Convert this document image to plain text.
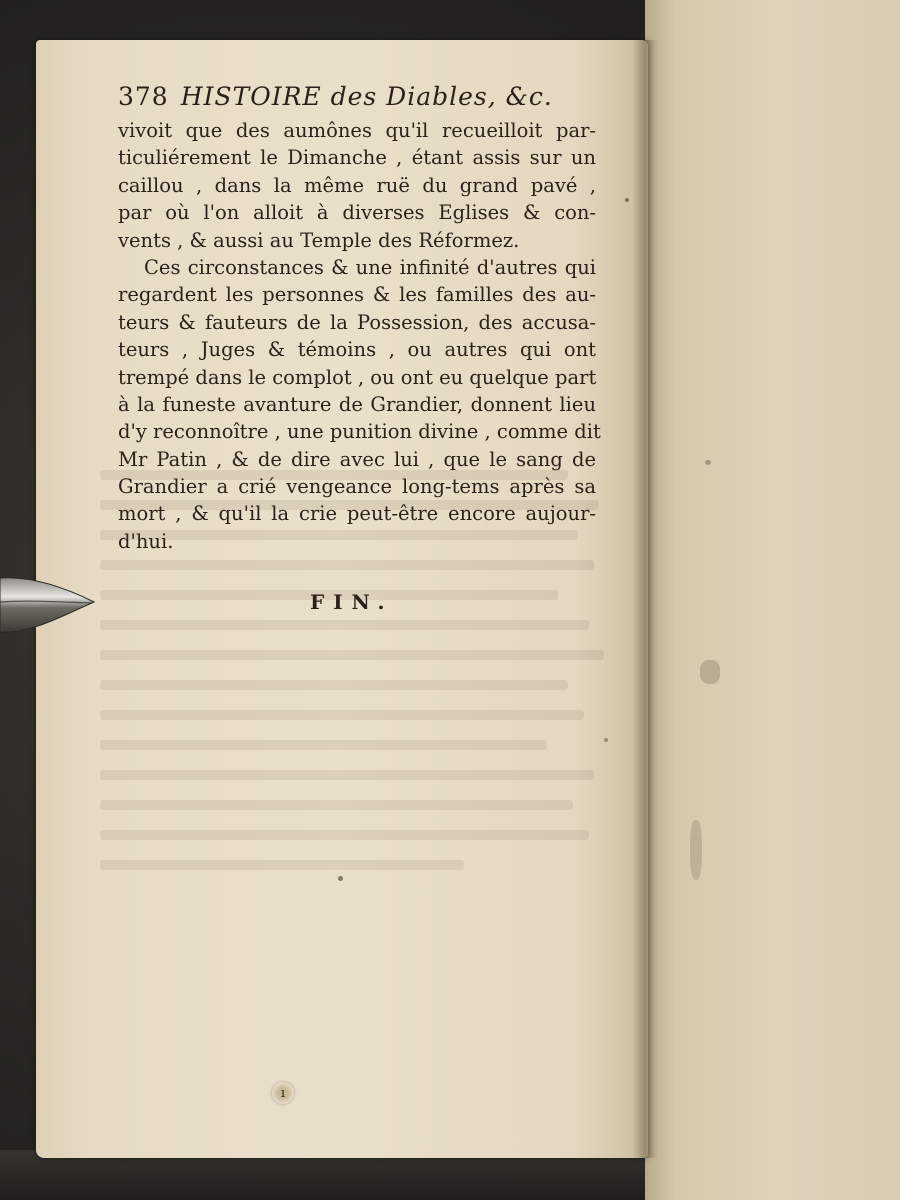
378 HISTOIRE des Diables, &c.
vivoit que des aumônes qu'il recueilloit par-
ticuliérement le Dimanche , étant assis sur un
caillou , dans la même ruë du grand pavé ,
par où l'on alloit à diverses Eglises & con-
vents , & aussi au Temple des Réformez.
Ces circonstances & une infinité d'autres qui
regardent les personnes & les familles des au-
teurs & fauteurs de la Possession, des accusa-
teurs , Juges & témoins , ou autres qui ont
trempé dans le complot , ou ont eu quelque part
à la funeste avanture de Grandier, donnent lieu
d'y reconnoître , une punition divine , comme dit
Mr Patin , & de dire avec lui , que le sang de
Grandier a crié vengeance long-tems après sa
mort , & qu'il la crie peut-être encore aujour-
d'hui.
FIN.
ı
